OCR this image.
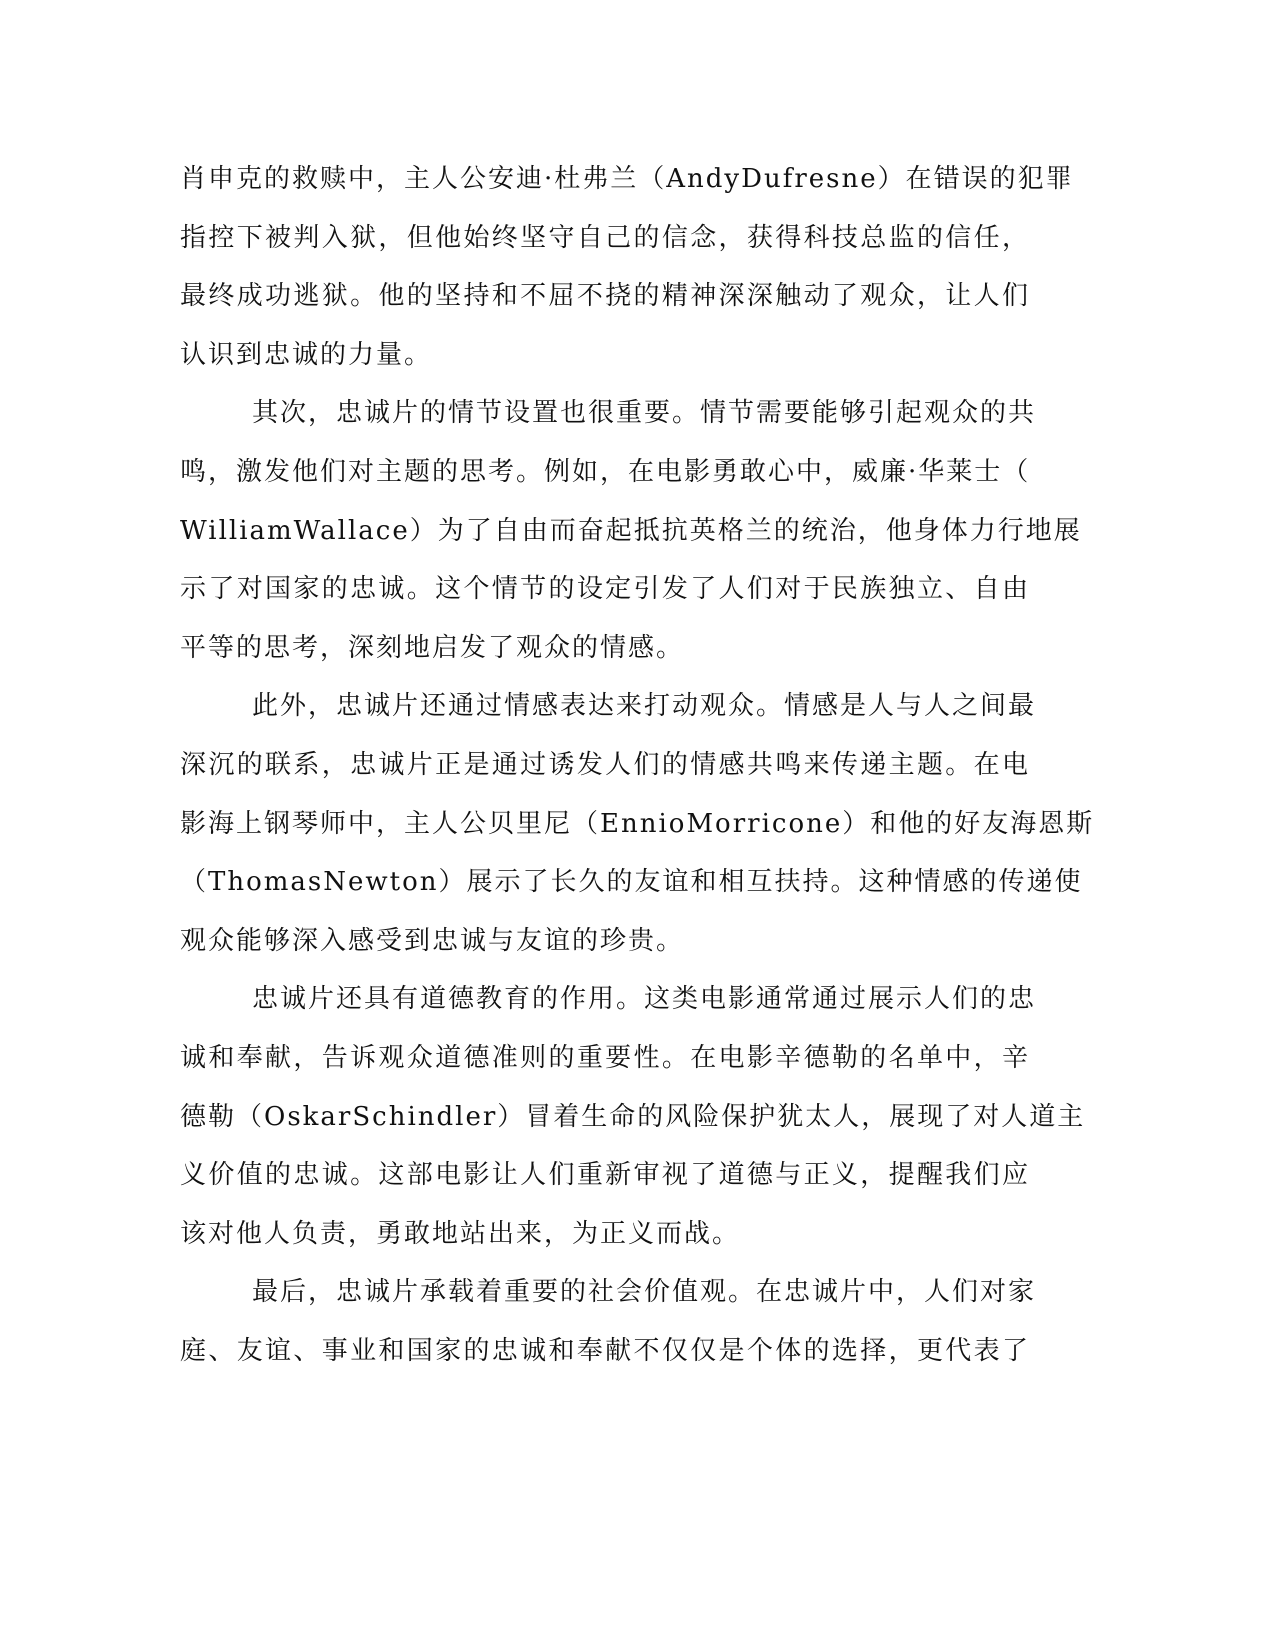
肖申克的救赎中，主人公安迪·杜弗兰（AndyDufresne）在错误的犯罪
指控下被判入狱，但他始终坚守自己的信念，获得科技总监的信任，
最终成功逃狱。他的坚持和不屈不挠的精神深深触动了观众，让人们
认识到忠诚的力量。
其次，忠诚片的情节设置也很重要。情节需要能够引起观众的共
鸣，激发他们对主题的思考。例如，在电影勇敢心中，威廉·华莱士（
WilliamWallace）为了自由而奋起抵抗英格兰的统治，他身体力行地展
示了对国家的忠诚。这个情节的设定引发了人们对于民族独立、自由
平等的思考，深刻地启发了观众的情感。
此外，忠诚片还通过情感表达来打动观众。情感是人与人之间最
深沉的联系，忠诚片正是通过诱发人们的情感共鸣来传递主题。在电
影海上钢琴师中，主人公贝里尼（EnnioMorricone）和他的好友海恩斯
（ThomasNewton）展示了长久的友谊和相互扶持。这种情感的传递使
观众能够深入感受到忠诚与友谊的珍贵。
忠诚片还具有道德教育的作用。这类电影通常通过展示人们的忠
诚和奉献，告诉观众道德准则的重要性。在电影辛德勒的名单中，辛
德勒（OskarSchindler）冒着生命的风险保护犹太人，展现了对人道主
义价值的忠诚。这部电影让人们重新审视了道德与正义，提醒我们应
该对他人负责，勇敢地站出来，为正义而战。
最后，忠诚片承载着重要的社会价值观。在忠诚片中，人们对家
庭、友谊、事业和国家的忠诚和奉献不仅仅是个体的选择，更代表了
